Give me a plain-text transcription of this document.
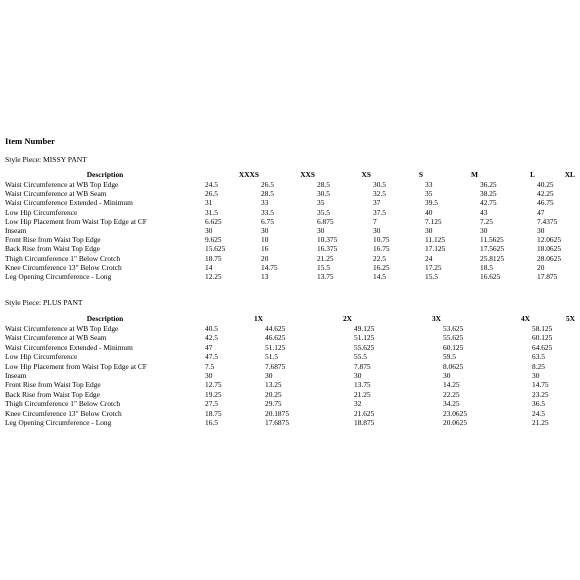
Item Number
Style Piece: MISSY PANT
Description	XXXS	XXS	XS	S	M	L	XL
Waist Circumference at WB Top Edge	24.5	26.5	28.5	30.5	33	36.25	40.25
Waist Circumference at WB Seam	26.5	28.5	30.5	32.5	35	38.25	42.25
Waist Circumference Extended - Minimum	31	33	35	37	39.5	42.75	46.75
Low Hip Circumference	31.5	33.5	35.5	37.5	40	43	47
Low Hip Placement from Waist Top Edge at CF	6.625	6.75	6.875	7	7.125	7.25	7.4375
Inseam	30	30	30	30	30	30	30
Front Rise from Waist Top Edge	9.625	10	10.375	10.75	11.125	11.5625	12.0625
Back Rise from Waist Top Edge	15.625	16	16.375	16.75	17.125	17.5625	18.0625
Thigh Circumference 1" Below Crotch	18.75	20	21.25	22.5	24	25.8125	28.0625
Knee Circumference 13" Below Crotch	14	14.75	15.5	16.25	17.25	18.5	20
Leg Opening Circumference - Long	12.25	13	13.75	14.5	15.5	16.625	17.875
Style Piece: PLUS PANT
Description	1X	2X	3X	4X	5X
Waist Circumference at WB Top Edge	40.5	44.625	49.125	53.625	58.125
Waist Circumference at WB Seam	42.5	46.625	51.125	55.625	60.125
Waist Circumference Extended - Minimum	47	51.125	55.625	60.125	64.625
Low Hip Circumference	47.5	51.5	55.5	59.5	63.5
Low Hip Placement from Waist Top Edge at CF	7.5	7.6875	7.875	8.0625	8.25
Inseam	30	30	30	30	30
Front Rise from Waist Top Edge	12.75	13.25	13.75	14.25	14.75
Back Rise from Waist Top Edge	19.25	20.25	21.25	22.25	23.25
Thigh Circumference 1" Below Crotch	27.5	29.75	32	34.25	36.5
Knee Circumference 13" Below Crotch	18.75	20.1875	21.625	23.0625	24.5
Leg Opening Circumference - Long	16.5	17.6875	18.875	20.0625	21.25
